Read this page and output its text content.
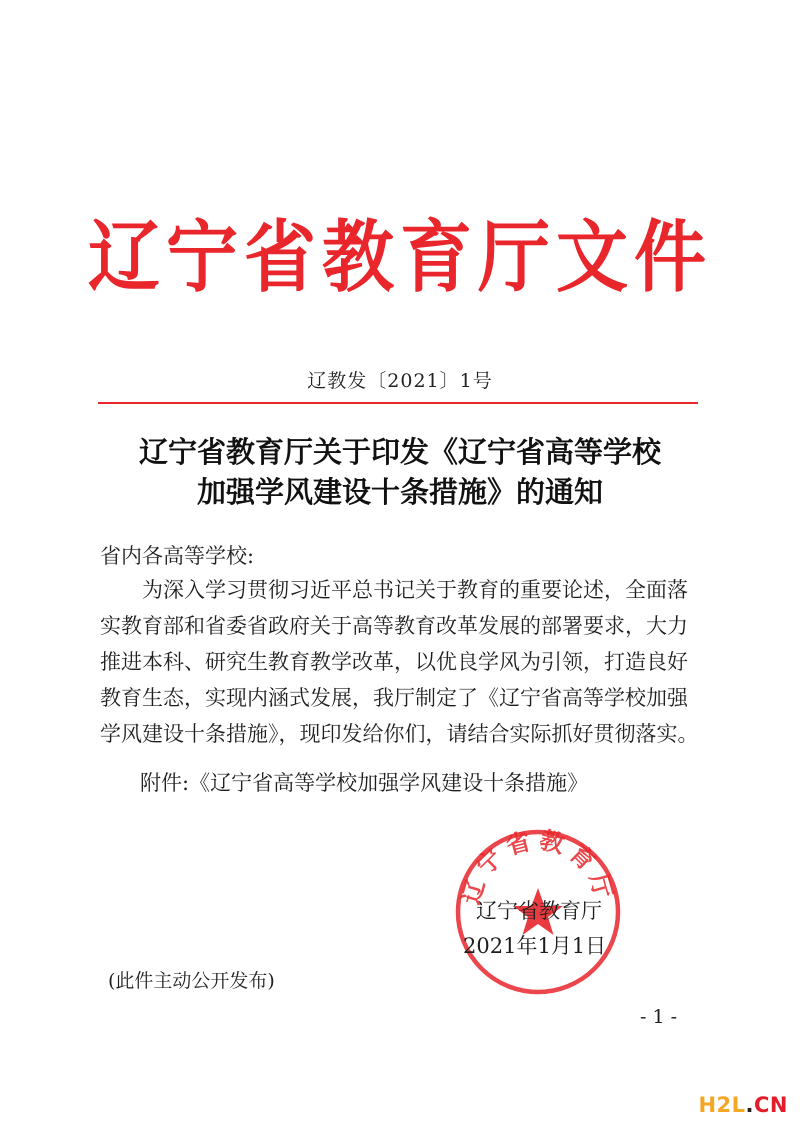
辽宁省教育厅文件
辽教发〔2021〕1号
辽宁省教育厅关于印发《辽宁省高等学校
加强学风建设十条措施》的通知
省内各高等学校:
为深入学习贯彻习近平总书记关于教育的重要论述，全面落
实教育部和省委省政府关于高等教育改革发展的部署要求，大力
推进本科、研究生教育教学改革，以优良学风为引领，打造良好
教育生态，实现内涵式发展，我厅制定了《辽宁省高等学校加强
学风建设十条措施》，现印发给你们，请结合实际抓好贯彻落实。
附件:《辽宁省高等学校加强学风建设十条措施》
辽宁省教育厅
辽宁省教育厅
2021年1月1日
(此件主动公开发布)
- 1 -
H2L.CN
